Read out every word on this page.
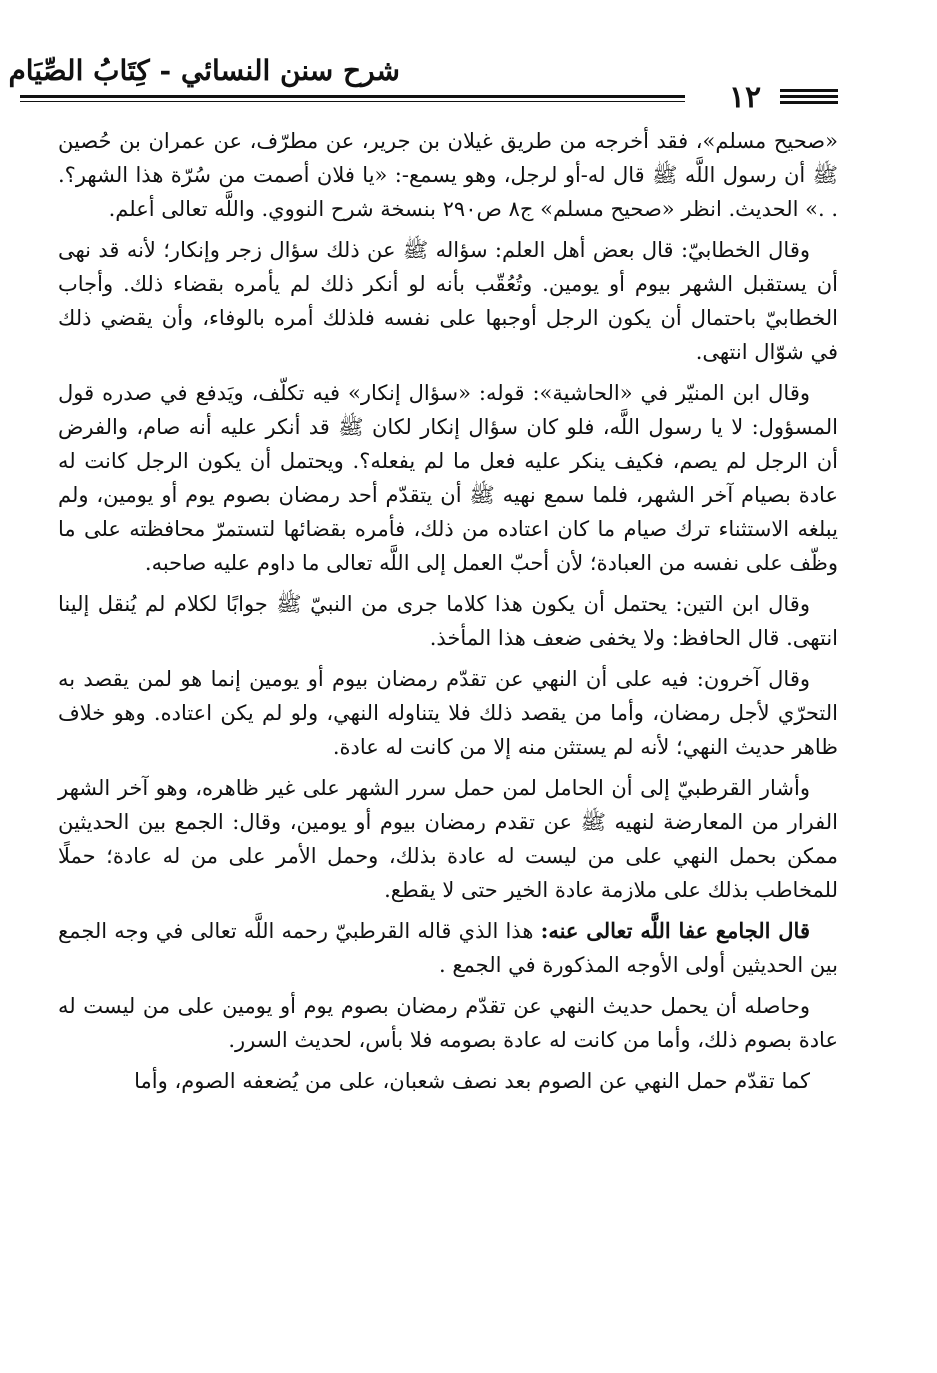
شرح سنن النسائي - كِتَابُ الصِّيَام
١٢

«صحيح مسلم»، فقد أخرجه من طريق غيلان بن جرير، عن مطرّف، عن عمران بن حُصين ﷺ أن رسول اللَّه ﷺ قال له-أو لرجل، وهو يسمع-: «يا فلان أصمت من سُرّة هذا الشهر؟. . .» الحديث. انظر «صحيح مسلم» ج٨ ص٢٩٠ بنسخة شرح النووي. واللَّه تعالى أعلم.

وقال الخطابيّ: قال بعض أهل العلم: سؤاله ﷺ عن ذلك سؤال زجر وإنكار؛ لأنه قد نهى أن يستقبل الشهر بيوم أو يومين. وتُعُقّب بأنه لو أنكر ذلك لم يأمره بقضاء ذلك. وأجاب الخطابيّ باحتمال أن يكون الرجل أوجبها على نفسه فلذلك أمره بالوفاء، وأن يقضي ذلك في شوّال انتهى.

وقال ابن المنيّر في «الحاشية»: قوله: «سؤال إنكار» فيه تكلّف، ويَدفع في صدره قول المسؤول: لا يا رسول اللَّه، فلو كان سؤال إنكار لكان ﷺ قد أنكر عليه أنه صام، والفرض أن الرجل لم يصم، فكيف ينكر عليه فعل ما لم يفعله؟. ويحتمل أن يكون الرجل كانت له عادة بصيام آخر الشهر، فلما سمع نهيه ﷺ أن يتقدّم أحد رمضان بصوم يوم أو يومين، ولم يبلغه الاستثناء ترك صيام ما كان اعتاده من ذلك، فأمره بقضائها لتستمرّ محافظته على ما وظّف على نفسه من العبادة؛ لأن أحبّ العمل إلى اللَّه تعالى ما داوم عليه صاحبه.

وقال ابن التين: يحتمل أن يكون هذا كلاما جرى من النبيّ ﷺ جوابًا لكلام لم يُنقل إلينا انتهى. قال الحافظ: ولا يخفى ضعف هذا المأخذ.

وقال آخرون: فيه على أن النهي عن تقدّم رمضان بيوم أو يومين إنما هو لمن يقصد به التحرّي لأجل رمضان، وأما من يقصد ذلك فلا يتناوله النهي، ولو لم يكن اعتاده. وهو خلاف ظاهر حديث النهي؛ لأنه لم يستثن منه إلا من كانت له عادة.

وأشار القرطبيّ إلى أن الحامل لمن حمل سرر الشهر على غير ظاهره، وهو آخر الشهر الفرار من المعارضة لنهيه ﷺ عن تقدم رمضان بيوم أو يومين، وقال: الجمع بين الحديثين ممكن بحمل النهي على من ليست له عادة بذلك، وحمل الأمر على من له عادة؛ حملًا للمخاطب بذلك على ملازمة عادة الخير حتى لا يقطع.

قال الجامع عفا اللَّه تعالى عنه: هذا الذي قاله القرطبيّ رحمه اللَّه تعالى في وجه الجمع بين الحديثين أولى الأوجه المذكورة في الجمع .

وحاصله أن يحمل حديث النهي عن تقدّم رمضان بصوم يوم أو يومين على من ليست له عادة بصوم ذلك، وأما من كانت له عادة بصومه فلا بأس، لحديث السرر.

كما تقدّم حمل النهي عن الصوم بعد نصف شعبان، على من يُضعفه الصوم، وأما
